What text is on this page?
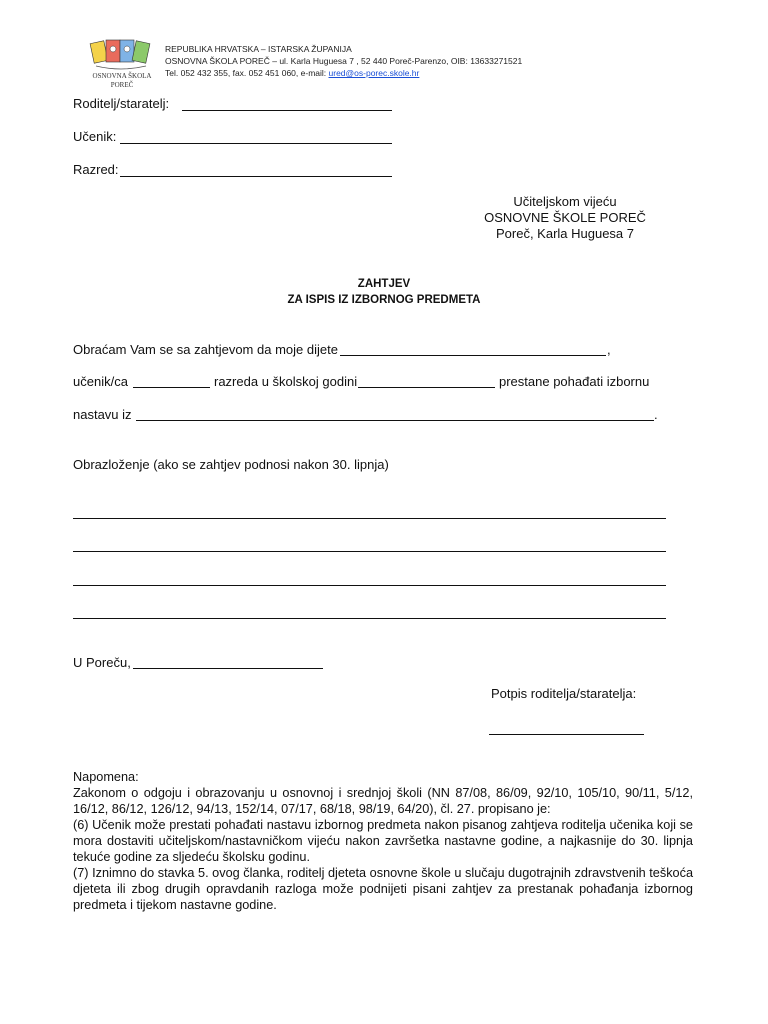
OSNOVNA ŠKOLA POREČ
REPUBLIKA HRVATSKA – ISTARSKA ŽUPANIJA
OSNOVNA ŠKOLA POREČ – ul. Karla Huguesa 7 , 52 440 Poreč-Parenzo, OIB: 13633271521
Tel. 052 432 355, fax. 052 451 060, e-mail: ured@os-porec.skole.hr
Roditelj/staratelj:
Učenik:
Razred:
Učiteljskom vijeću
OSNOVNE ŠKOLE POREČ
Poreč, Karla Huguesa 7
ZAHTJEV
ZA ISPIS IZ IZBORNOG PREDMETA
Obraćam Vam se sa zahtjevom da moje dijete	,
učenik/ca	razreda u školskoj godini	prestane pohađati izbornu
nastavu iz	.
Obrazloženje (ako se zahtjev podnosi nakon 30. lipnja)
U Poreču,
Potpis roditelja/staratelja:
Napomena:
Zakonom o odgoju i obrazovanju u osnovnoj i srednjoj školi (NN 87/08, 86/09, 92/10, 105/10, 90/11, 5/12, 16/12, 86/12, 126/12, 94/13, 152/14, 07/17, 68/18, 98/19, 64/20), čl. 27. propisano je:
(6) Učenik može prestati pohađati nastavu izbornog predmeta nakon pisanog zahtjeva roditelja učenika koji se mora dostaviti učiteljskom/nastavničkom vijeću nakon završetka nastavne godine, a najkasnije do 30. lipnja tekuće godine za sljedeću školsku godinu.
(7) Iznimno do stavka 5. ovog članka, roditelj djeteta osnovne škole u slučaju dugotrajnih zdravstvenih teškoća djeteta ili zbog drugih opravdanih razloga može podnijeti pisani zahtjev za prestanak pohađanja izbornog predmeta i tijekom nastavne godine.
